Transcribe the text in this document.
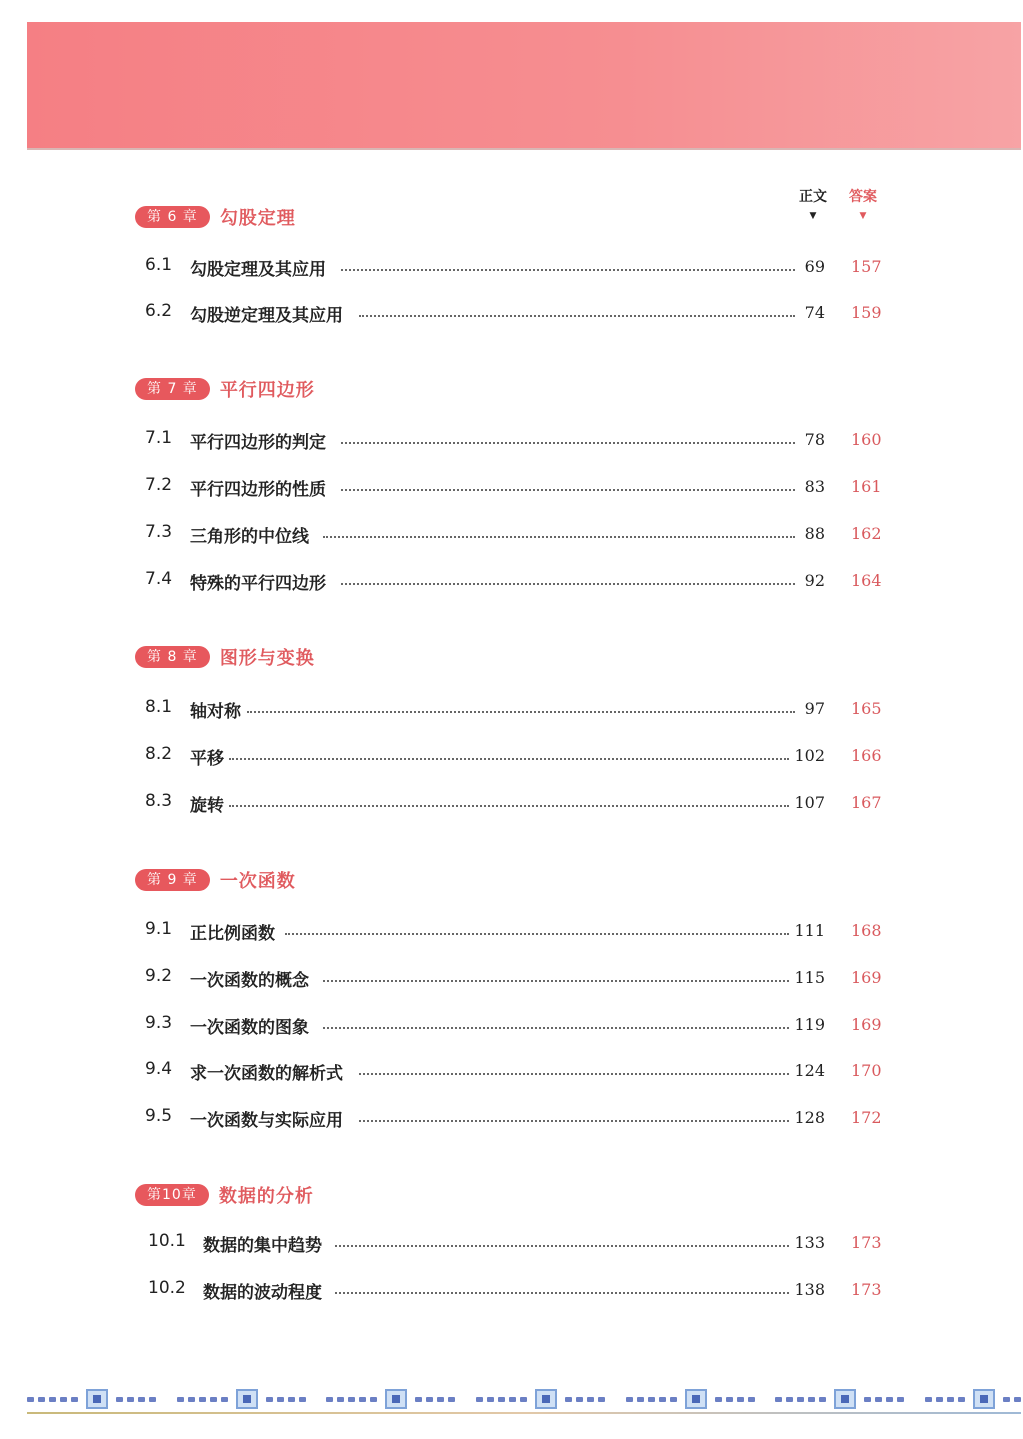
正文
▼
答案
▼
第 6 章	勾股定理
6.1 勾股定理及其应用	69 157
6.2 勾股逆定理及其应用	74 159
第 7 章	平行四边形
7.1 平行四边形的判定	78 160
7.2 平行四边形的性质	83 161
7.3 三角形的中位线	88 162
7.4 特殊的平行四边形	92 164
第 8 章	图形与变换
8.1 轴对称	97 165
8.2 平移	102 166
8.3 旋转	107 167
第 9 章	一次函数
9.1 正比例函数	111 168
9.2 一次函数的概念	115 169
9.3 一次函数的图象	119 169
9.4 求一次函数的解析式	124 170
9.5 一次函数与实际应用	128 172
第10章	数据的分析
10.1 数据的集中趋势	133 173
10.2 数据的波动程度	138 173
